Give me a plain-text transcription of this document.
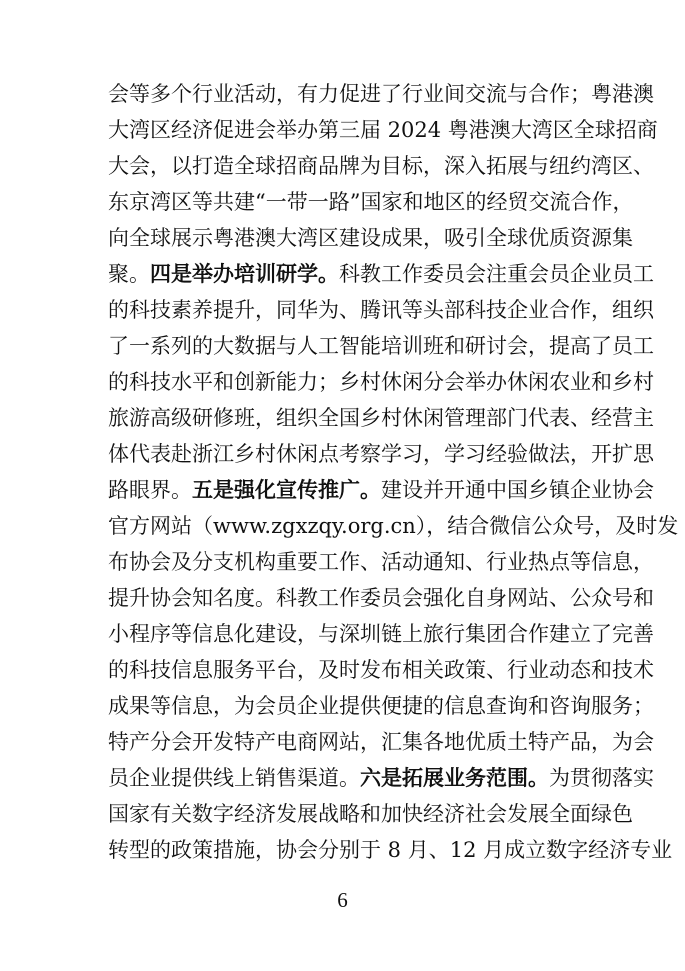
会等多个行业活动，有力促进了行业间交流与合作；粤港澳
大湾区经济促进会举办第三届 2024 粤港澳大湾区全球招商
大会，以打造全球招商品牌为目标，深入拓展与纽约湾区、
东京湾区等共建“一带一路”国家和地区的经贸交流合作，
向全球展示粤港澳大湾区建设成果，吸引全球优质资源集
聚。四是举办培训研学。科教工作委员会注重会员企业员工
的科技素养提升，同华为、腾讯等头部科技企业合作，组织
了一系列的大数据与人工智能培训班和研讨会，提高了员工
的科技水平和创新能力；乡村休闲分会举办休闲农业和乡村
旅游高级研修班，组织全国乡村休闲管理部门代表、经营主
体代表赴浙江乡村休闲点考察学习，学习经验做法，开扩思
路眼界。五是强化宣传推广。建设并开通中国乡镇企业协会
官方网站（www.zgxzqy.org.cn），结合微信公众号，及时发
布协会及分支机构重要工作、活动通知、行业热点等信息，
提升协会知名度。科教工作委员会强化自身网站、公众号和
小程序等信息化建设，与深圳链上旅行集团合作建立了完善
的科技信息服务平台，及时发布相关政策、行业动态和技术
成果等信息，为会员企业提供便捷的信息查询和咨询服务；
特产分会开发特产电商网站，汇集各地优质土特产品，为会
员企业提供线上销售渠道。六是拓展业务范围。为贯彻落实
国家有关数字经济发展战略和加快经济社会发展全面绿色
转型的政策措施，协会分别于 8 月、12 月成立数字经济专业
6
